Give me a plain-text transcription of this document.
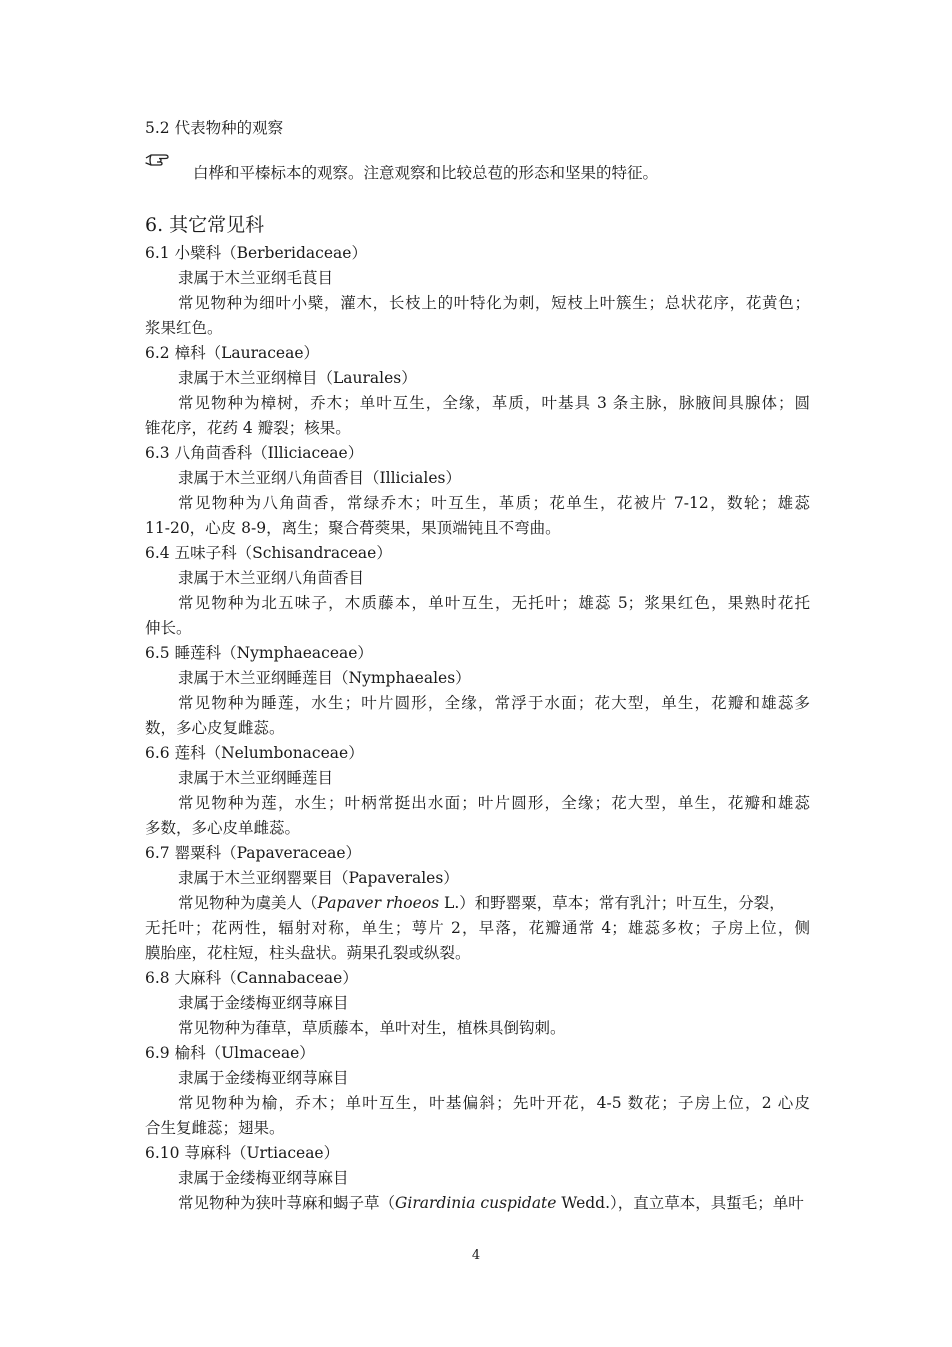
5.2 代表物种的观察
白桦和平榛标本的观察。注意观察和比较总苞的形态和坚果的特征。
6. 其它常见科
6.1 小檗科（Berberidaceae）
隶属于木兰亚纲毛茛目
常见物种为细叶小檗，灌木，长枝上的叶特化为刺，短枝上叶簇生；总状花序，花黄色；
浆果红色。
6.2 樟科（Lauraceae）
隶属于木兰亚纲樟目（Laurales）
常见物种为樟树，乔木；单叶互生，全缘，革质，叶基具 3 条主脉，脉腋间具腺体；圆
锥花序，花药 4 瓣裂；核果。
6.3 八角茴香科（Illiciaceae）
隶属于木兰亚纲八角茴香目（Illiciales）
常见物种为八角茴香，常绿乔木；叶互生，革质；花单生，花被片 7-12，数轮；雄蕊
11-20，心皮 8-9，离生；聚合蓇葖果，果顶端钝且不弯曲。
6.4 五味子科（Schisandraceae）
隶属于木兰亚纲八角茴香目
常见物种为北五味子，木质藤本，单叶互生，无托叶；雄蕊 5；浆果红色，果熟时花托
伸长。
6.5 睡莲科（Nymphaeaceae）
隶属于木兰亚纲睡莲目（Nymphaeales）
常见物种为睡莲，水生；叶片圆形，全缘，常浮于水面；花大型，单生，花瓣和雄蕊多
数，多心皮复雌蕊。
6.6 莲科（Nelumbonaceae）
隶属于木兰亚纲睡莲目
常见物种为莲，水生；叶柄常挺出水面；叶片圆形，全缘；花大型，单生，花瓣和雄蕊
多数，多心皮单雌蕊。
6.7 罂粟科（Papaveraceae）
隶属于木兰亚纲罂粟目（Papaverales）
常见物种为虞美人（Papaver rhoeos L.）和野罂粟，草本；常有乳汁；叶互生，分裂，
无托叶；花两性，辐射对称，单生；萼片 2，早落，花瓣通常 4；雄蕊多枚；子房上位，侧
膜胎座，花柱短，柱头盘状。蒴果孔裂或纵裂。
6.8 大麻科（Cannabaceae）
隶属于金缕梅亚纲荨麻目
常见物种为葎草，草质藤本，单叶对生，植株具倒钩刺。
6.9 榆科（Ulmaceae）
隶属于金缕梅亚纲荨麻目
常见物种为榆，乔木；单叶互生，叶基偏斜；先叶开花，4-5 数花；子房上位，2 心皮
合生复雌蕊；翅果。
6.10 荨麻科（Urtiaceae）
隶属于金缕梅亚纲荨麻目
常见物种为狭叶荨麻和蝎子草（Girardinia cuspidate Wedd.），直立草本，具蜇毛；单叶
4
